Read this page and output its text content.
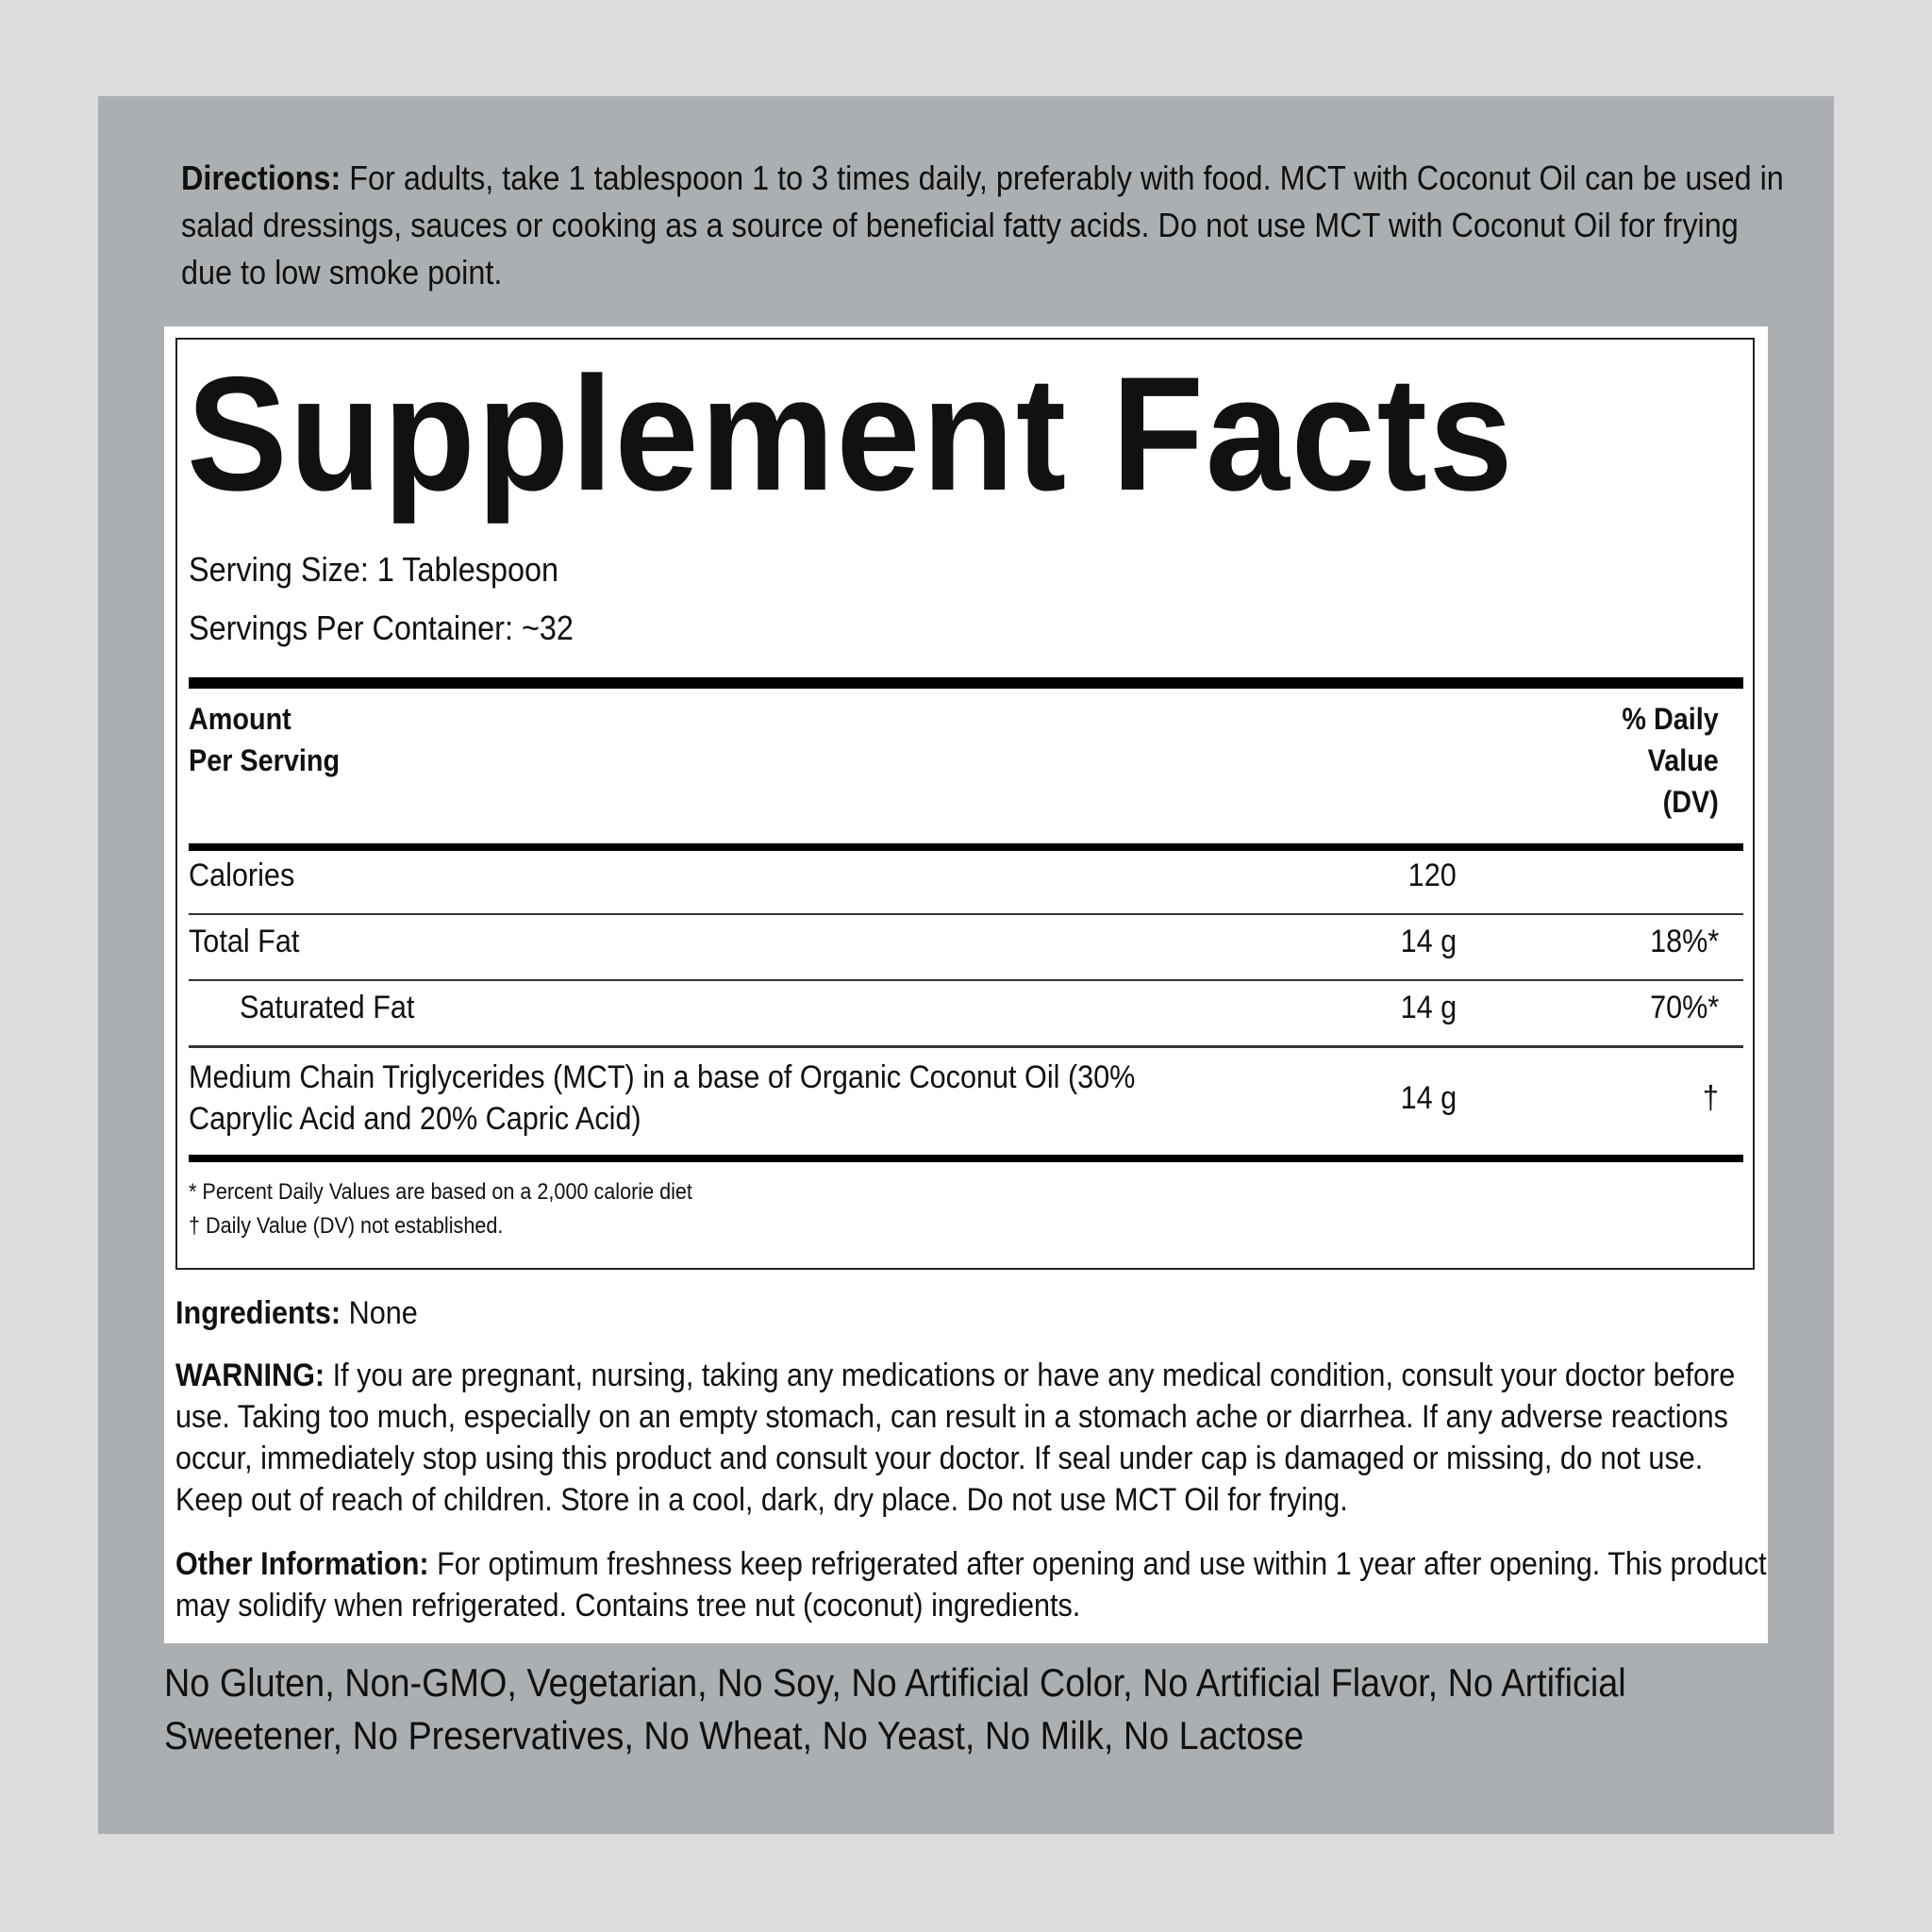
Directions: For adults, take 1 tablespoon 1 to 3 times daily, preferably with food. MCT with Coconut Oil can be used in salad dressings, sauces or cooking as a source of beneficial fatty acids. Do not use MCT with Coconut Oil for frying due to low smoke point.
Supplement Facts
Serving Size: 1 Tablespoon
Servings Per Container: ~32
Amount
Per Serving
% Daily
Value
(DV)
Calories	120
Total Fat	14 g	18%*
Saturated Fat	14 g	70%*
Medium Chain Triglycerides (MCT) in a base of Organic Coconut Oil (30%
Caprylic Acid and 20% Capric Acid)
14 g	†
* Percent Daily Values are based on a 2,000 calorie diet
† Daily Value (DV) not established.
Ingredients: None
WARNING: If you are pregnant, nursing, taking any medications or have any medical condition, consult your doctor before use. Taking too much, especially on an empty stomach, can result in a stomach ache or diarrhea. If any adverse reactions occur, immediately stop using this product and consult your doctor. If seal under cap is damaged or missing, do not use. Keep out of reach of children. Store in a cool, dark, dry place. Do not use MCT Oil for frying.
Other Information: For optimum freshness keep refrigerated after opening and use within 1 year after opening. This product may solidify when refrigerated. Contains tree nut (coconut) ingredients.
No Gluten, Non-GMO, Vegetarian, No Soy, No Artificial Color, No Artificial Flavor, No Artificial Sweetener, No Preservatives, No Wheat, No Yeast, No Milk, No Lactose
